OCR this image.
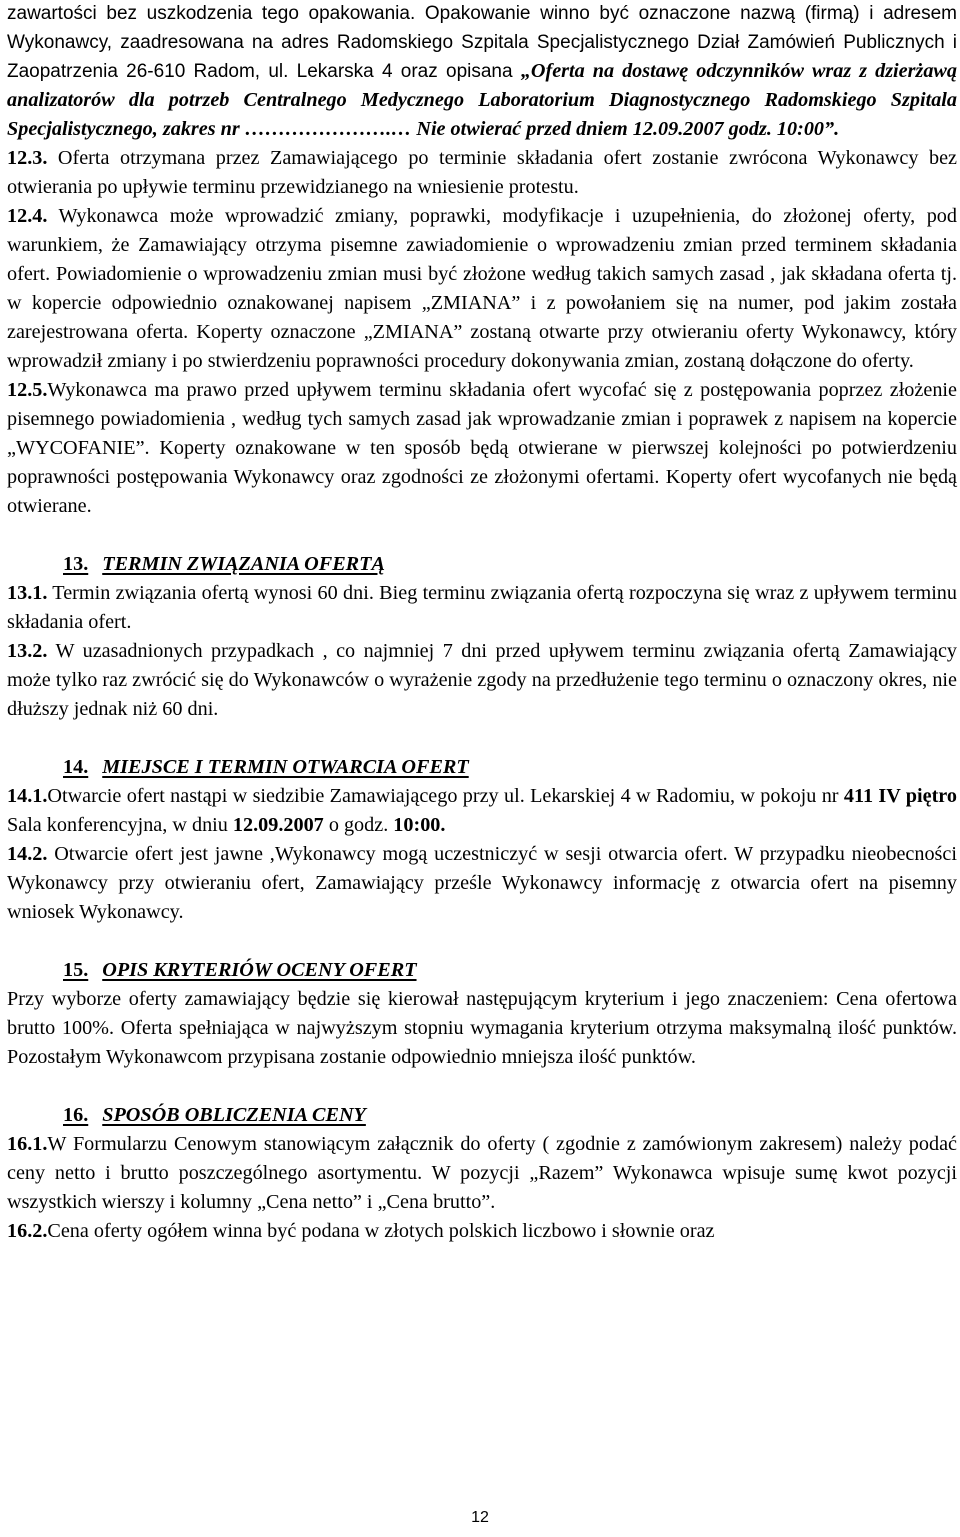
zawartości bez uszkodzenia tego opakowania. Opakowanie winno być oznaczone nazwą (firmą) i adresem Wykonawcy, zaadresowana na adres Radomskiego Szpitala Specjalistycznego Dział Zamówień Publicznych i Zaopatrzenia 26-610 Radom, ul. Lekarska 4 oraz opisana „Oferta na dostawę odczynników wraz z dzierżawą analizatorów dla potrzeb Centralnego Medycznego Laboratorium Diagnostycznego Radomskiego Szpitala Specjalistycznego, zakres nr ………………….… Nie otwierać przed dniem 12.09.2007 godz. 10:00”.

12.3. Oferta otrzymana przez Zamawiającego po terminie składania ofert zostanie zwrócona Wykonawcy bez otwierania po upływie terminu przewidzianego na wniesienie protestu.

12.4. Wykonawca może wprowadzić zmiany, poprawki, modyfikacje i uzupełnienia, do złożonej oferty, pod warunkiem, że Zamawiający otrzyma pisemne zawiadomienie o wprowadzeniu zmian przed terminem składania ofert. Powiadomienie o wprowadzeniu zmian musi być złożone według takich samych zasad , jak składana oferta tj. w kopercie odpowiednio oznakowanej napisem „ZMIANA” i z powołaniem się na numer, pod jakim została zarejestrowana oferta. Koperty oznaczone „ZMIANA” zostaną otwarte przy otwieraniu oferty Wykonawcy, który wprowadził zmiany i po stwierdzeniu poprawności procedury dokonywania zmian, zostaną dołączone do oferty.

12.5.Wykonawca ma prawo przed upływem terminu składania ofert wycofać się z postępowania poprzez złożenie pisemnego powiadomienia , według tych samych zasad jak wprowadzanie zmian i poprawek z napisem na kopercie „WYCOFANIE”. Koperty oznakowane w ten sposób będą otwierane w pierwszej kolejności po potwierdzeniu poprawności postępowania Wykonawcy oraz zgodności ze złożonymi ofertami. Koperty ofert wycofanych nie będą otwierane.

13. TERMIN ZWIĄZANIA OFERTĄ

13.1. Termin związania ofertą wynosi 60 dni. Bieg terminu związania ofertą rozpoczyna się wraz z upływem terminu składania ofert.

13.2. W uzasadnionych przypadkach , co najmniej 7 dni przed upływem terminu związania ofertą Zamawiający może tylko raz zwrócić się do Wykonawców o wyrażenie zgody na przedłużenie tego terminu o oznaczony okres, nie dłuższy jednak niż 60 dni.

14. MIEJSCE I TERMIN OTWARCIA OFERT

14.1.Otwarcie ofert nastąpi w siedzibie Zamawiającego przy ul. Lekarskiej 4 w Radomiu, w pokoju nr 411 IV piętro Sala konferencyjna, w dniu 12.09.2007 o godz. 10:00.

14.2. Otwarcie ofert jest jawne ,Wykonawcy mogą uczestniczyć w sesji otwarcia ofert. W przypadku nieobecności Wykonawcy przy otwieraniu ofert, Zamawiający prześle Wykonawcy informację z otwarcia ofert na pisemny wniosek Wykonawcy.

15. OPIS KRYTERIÓW OCENY OFERT

Przy wyborze oferty zamawiający będzie się kierował następującym kryterium i jego znaczeniem: Cena ofertowa brutto 100%. Oferta spełniająca w najwyższym stopniu wymagania kryterium otrzyma maksymalną ilość punktów. Pozostałym Wykonawcom przypisana zostanie odpowiednio mniejsza ilość punktów.

16. SPOSÓB OBLICZENIA CENY

16.1.W Formularzu Cenowym stanowiącym załącznik do oferty ( zgodnie z zamówionym zakresem) należy podać ceny netto i brutto poszczególnego asortymentu. W pozycji „Razem” Wykonawca wpisuje sumę kwot pozycji wszystkich wierszy i kolumny „Cena netto” i „Cena brutto”.

16.2.Cena oferty ogółem winna być podana w złotych polskich liczbowo i słownie oraz

12
